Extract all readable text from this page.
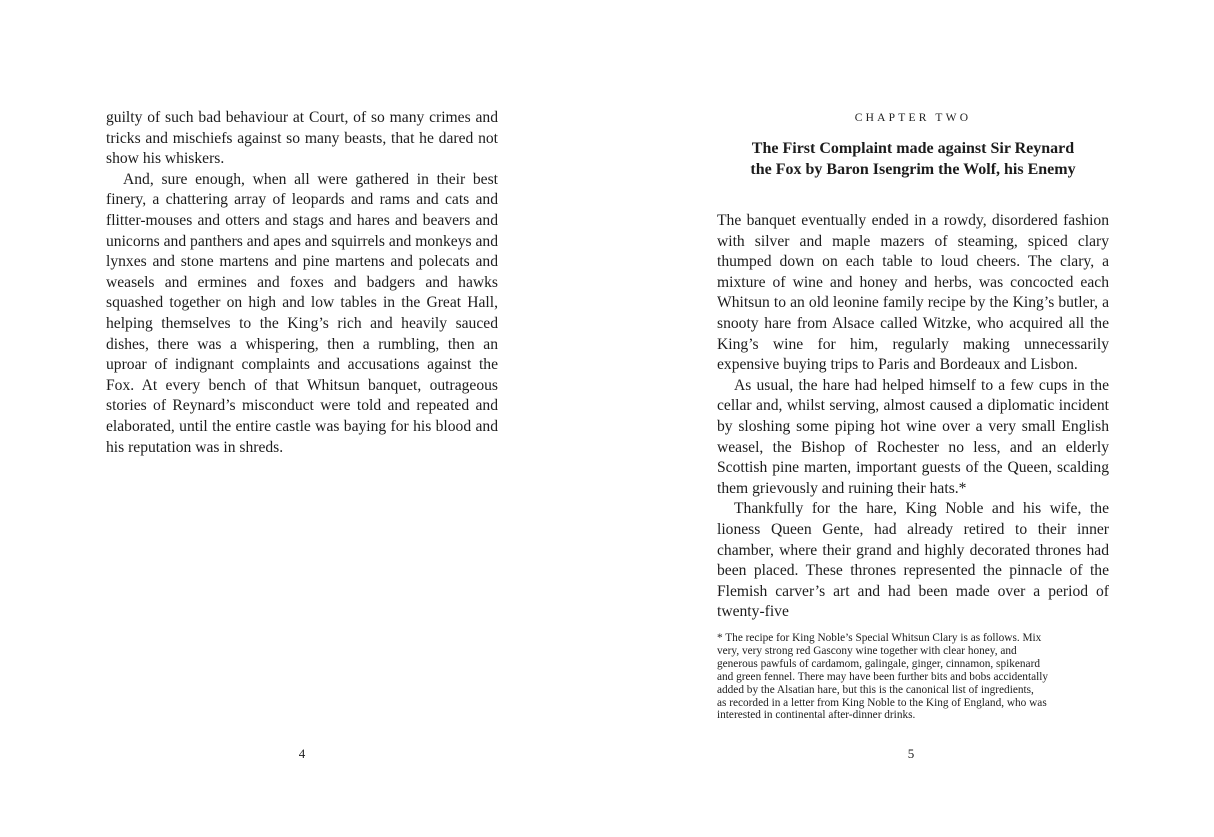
guilty of such bad behaviour at Court, of so many crimes and tricks and mischiefs against so many beasts, that he dared not show his whiskers.

And, sure enough, when all were gathered in their best finery, a chattering array of leopards and rams and cats and flitter-mouses and otters and stags and hares and beavers and unicorns and panthers and apes and squirrels and monkeys and lynxes and stone martens and pine martens and polecats and weasels and ermines and foxes and badgers and hawks squashed together on high and low tables in the Great Hall, helping themselves to the King’s rich and heavily sauced dishes, there was a whispering, then a rumbling, then an uproar of indignant complaints and accusations against the Fox. At every bench of that Whitsun banquet, outrageous stories of Reynard’s misconduct were told and repeated and elaborated, until the entire castle was baying for his blood and his reputation was in shreds.

4
CHAPTER TWO
The First Complaint made against Sir Reynard
the Fox by Baron Isengrim the Wolf, his Enemy

The banquet eventually ended in a rowdy, disordered fashion with silver and maple mazers of steaming, spiced clary thumped down on each table to loud cheers. The clary, a mixture of wine and honey and herbs, was concocted each Whitsun to an old leonine family recipe by the King’s butler, a snooty hare from Alsace called Witzke, who acquired all the King’s wine for him, regularly making unnecessarily expensive buying trips to Paris and Bordeaux and Lisbon.

As usual, the hare had helped himself to a few cups in the cellar and, whilst serving, almost caused a diplomatic incident by sloshing some piping hot wine over a very small English weasel, the Bishop of Rochester no less, and an elderly Scottish pine marten, important guests of the Queen, scalding them grievously and ruining their hats.*

Thankfully for the hare, King Noble and his wife, the lioness Queen Gente, had already retired to their inner chamber, where their grand and highly decorated thrones had been placed. These thrones represented the pinnacle of the Flemish carver’s art and had been made over a period of twenty-five

* The recipe for King Noble’s Special Whitsun Clary is as follows. Mix
very, very strong red Gascony wine together with clear honey, and
generous pawfuls of cardamom, galingale, ginger, cinnamon, spikenard
and green fennel. There may have been further bits and bobs accidentally
added by the Alsatian hare, but this is the canonical list of ingredients,
as recorded in a letter from King Noble to the King of England, who was
interested in continental after-dinner drinks.
5
